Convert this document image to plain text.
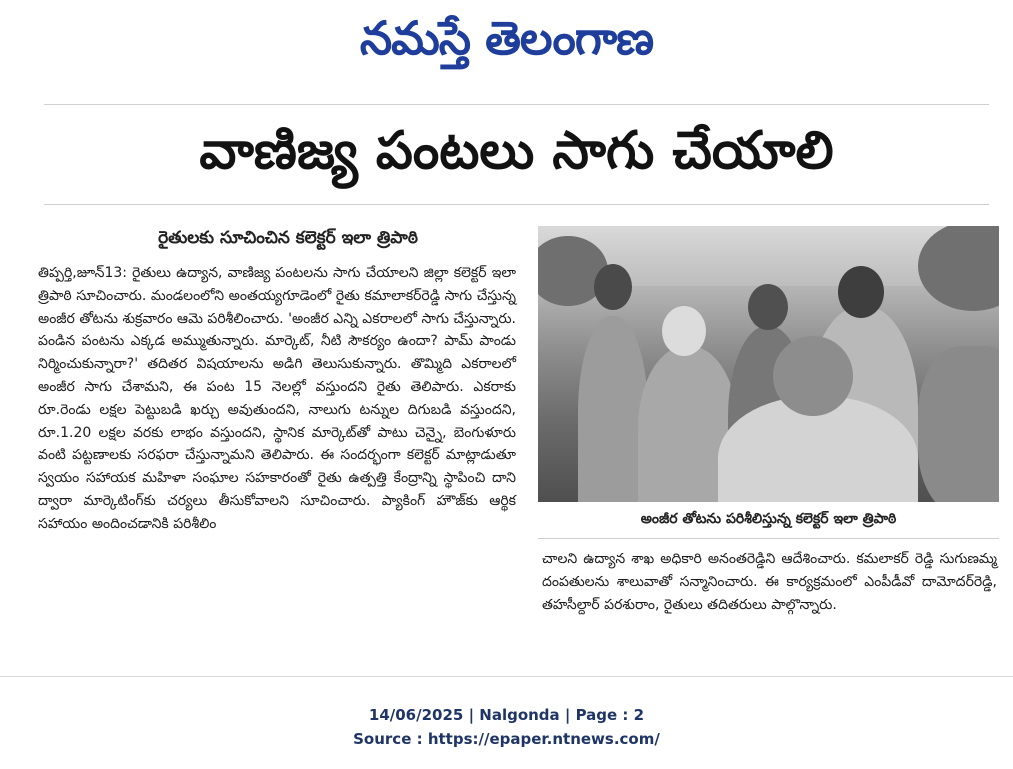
నమస్తే తెలంగాణ
వాణిజ్య పంటలు సాగు చేయాలి
రైతులకు సూచించిన కలెక్టర్ ఇలా త్రిపాఠి

తిప్పర్తి,జూన్13: రైతులు ఉద్యాన, వాణిజ్య పంటలను సాగు చేయాలని జిల్లా కలెక్టర్ ఇలా త్రిపాఠి సూచించారు. మండలంలోని అంతయ్యగూడెంలో రైతు కమాలాకర్‌రెడ్డి సాగు చేస్తున్న అంజీర తోటను శుక్రవారం ఆమె పరిశీలించారు. 'అంజీర ఎన్ని ఎకరాలలో సాగు చేస్తున్నారు. పండిన పంటను ఎక్కడ అమ్ముతున్నారు. మార్కెట్, నీటి సౌకర్యం ఉందా? పామ్ పాండు నిర్మించుకున్నారా?' తదితర విషయాలను అడిగి తెలుసుకున్నారు. తొమ్మిది ఎకరాలలో అంజీర సాగు చేశామని, ఈ పంట 15 నెలల్లో వస్తుందని రైతు తెలిపారు. ఎకరాకు రూ.రెండు లక్షల పెట్టుబడి ఖర్చు అవుతుందని, నాలుగు టన్నుల దిగుబడి వస్తుందని, రూ.1.20 లక్షల వరకు లాభం వస్తుందని, స్థానిక మార్కెట్‌తో పాటు చెన్నై, బెంగుళూరు వంటి పట్టణాలకు సరఫరా చేస్తున్నామని తెలిపారు. ఈ సందర్భంగా కలెక్టర్ మాట్లాడుతూ స్వయం సహాయక మహిళా సంఘాల సహకారంతో రైతు ఉత్పత్తి కేంద్రాన్ని స్థాపించి దాని ద్వారా మార్కెటింగ్‌కు చర్యలు తీసుకోవాలని సూచించారు. ప్యాకింగ్ హౌజ్‌కు ఆర్థిక సహాయం అందించడానికి పరిశీలిం	అంజీర తోటను పరిశీలిస్తున్న కలెక్టర్ ఇలా త్రిపాఠి

చాలని ఉద్యాన శాఖ అధికారి అనంతరెడ్డిని ఆదేశించారు. కమలాకర్ రెడ్డి సుగుణమ్మ దంపతులను శాలువాతో సన్మానించారు. ఈ కార్యక్రమంలో ఎంపీడీవో దామోదర్‌రెడ్డి, తహసీల్దార్ పరశురాం, రైతులు తదితరులు పాల్గొన్నారు.

14/06/2025 | Nalgonda | Page : 2
Source : https://epaper.ntnews.com/
